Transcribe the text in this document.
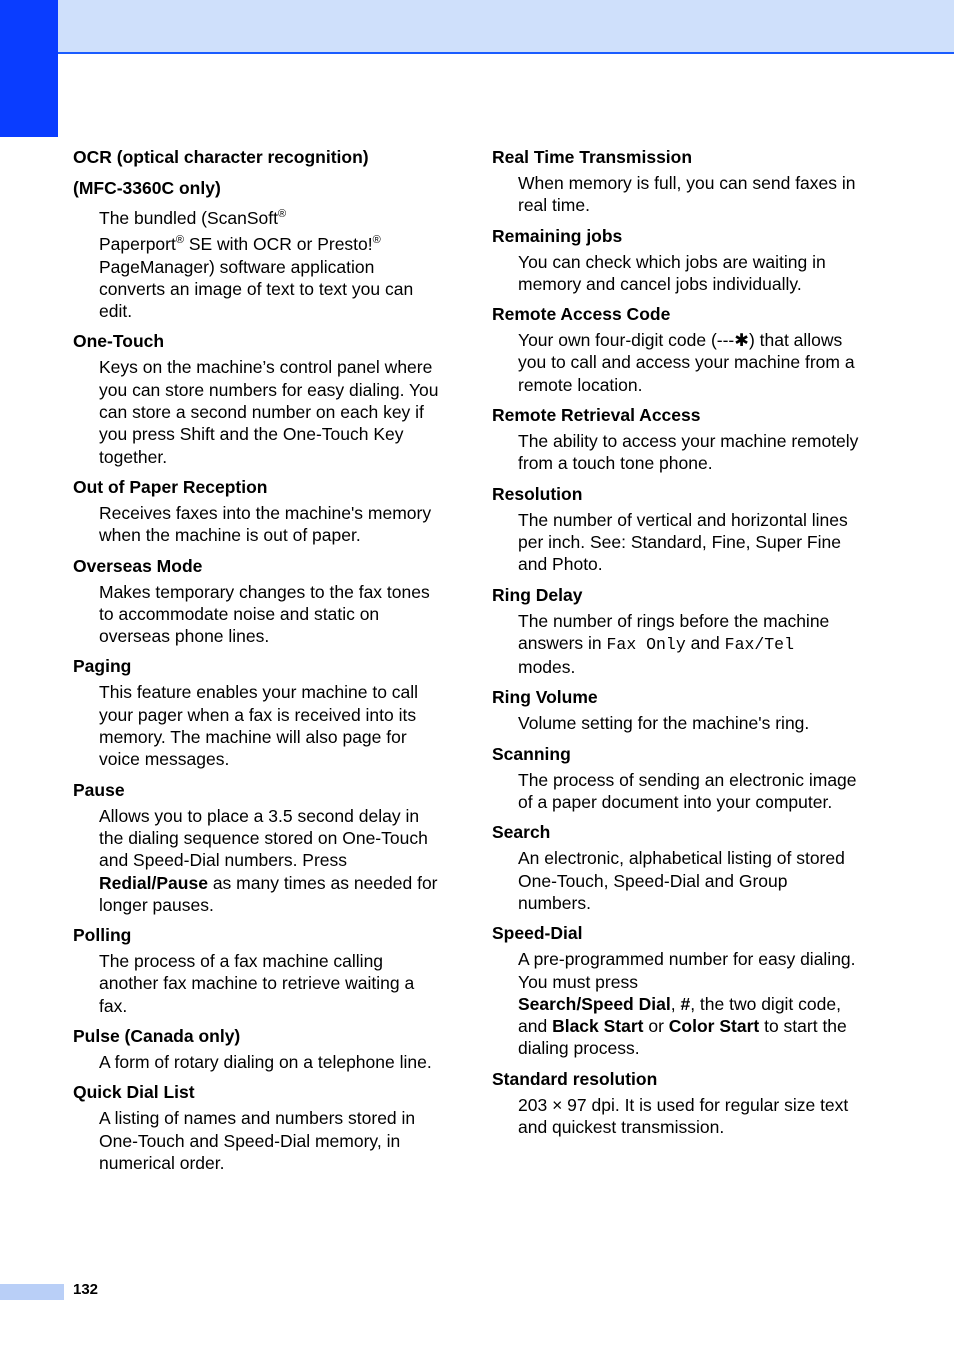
OCR (optical character recognition)
(MFC-3360C only)

The bundled (ScanSoft®

Paperport® SE with OCR or Presto!®

PageManager) software application converts an image of text to text you can edit.

One-Touch

Keys on the machine’s control panel where you can store numbers for easy dialing. You can store a second number on each key if you press Shift and the One-Touch Key together.

Out of Paper Reception

Receives faxes into the machine's memory when the machine is out of paper.

Overseas Mode

Makes temporary changes to the fax tones to accommodate noise and static on overseas phone lines.

Paging

This feature enables your machine to call your pager when a fax is received into its memory. The machine will also page for voice messages.

Pause

Allows you to place a 3.5 second delay in the dialing sequence stored on One-Touch and Speed-Dial numbers. Press Redial/Pause as many times as needed for longer pauses.

Polling

The process of a fax machine calling another fax machine to retrieve waiting a fax.

Pulse (Canada only)

A form of rotary dialing on a telephone line.

Quick Dial List

A listing of names and numbers stored in One-Touch and Speed-Dial memory, in numerical order.

Real Time Transmission

When memory is full, you can send faxes in real time.

Remaining jobs

You can check which jobs are waiting in memory and cancel jobs individually.

Remote Access Code

Your own four-digit code (---✱) that allows you to call and access your machine from a remote location.

Remote Retrieval Access

The ability to access your machine remotely from a touch tone phone.

Resolution

The number of vertical and horizontal lines per inch. See: Standard, Fine, Super Fine and Photo.

Ring Delay

The number of rings before the machine answers in Fax Only and Fax/Tel

modes.

Ring Volume

Volume setting for the machine's ring.

Scanning

The process of sending an electronic image of a paper document into your computer.

Search

An electronic, alphabetical listing of stored One-Touch, Speed-Dial and Group numbers.

Speed-Dial

A pre-programmed number for easy dialing. You must press

Search/Speed Dial, #, the two digit code, and Black Start or Color Start to start the dialing process.

Standard resolution

203 × 97 dpi. It is used for regular size text and quickest transmission.

132
